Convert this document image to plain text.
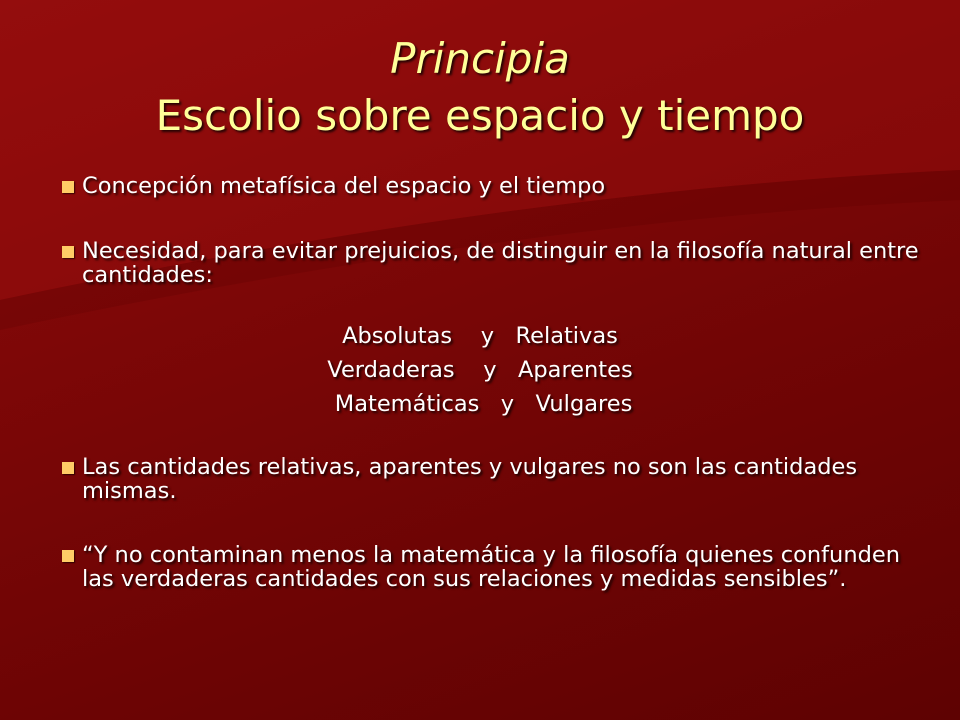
Principia
Escolio sobre espacio y tiempo

Concepción metafísica del espacio y el tiempo

Necesidad, para evitar prejuicios, de distinguir en la filosofía natural entre cantidades:

Absolutas    y   Relativas

Verdaderas    y   Aparentes

Matemáticas   y   Vulgares

Las cantidades relativas, aparentes y vulgares no son las cantidades mismas.

“Y no contaminan menos la matemática y la filosofía quienes confunden las verdaderas cantidades con sus relaciones y medidas sensibles”.
